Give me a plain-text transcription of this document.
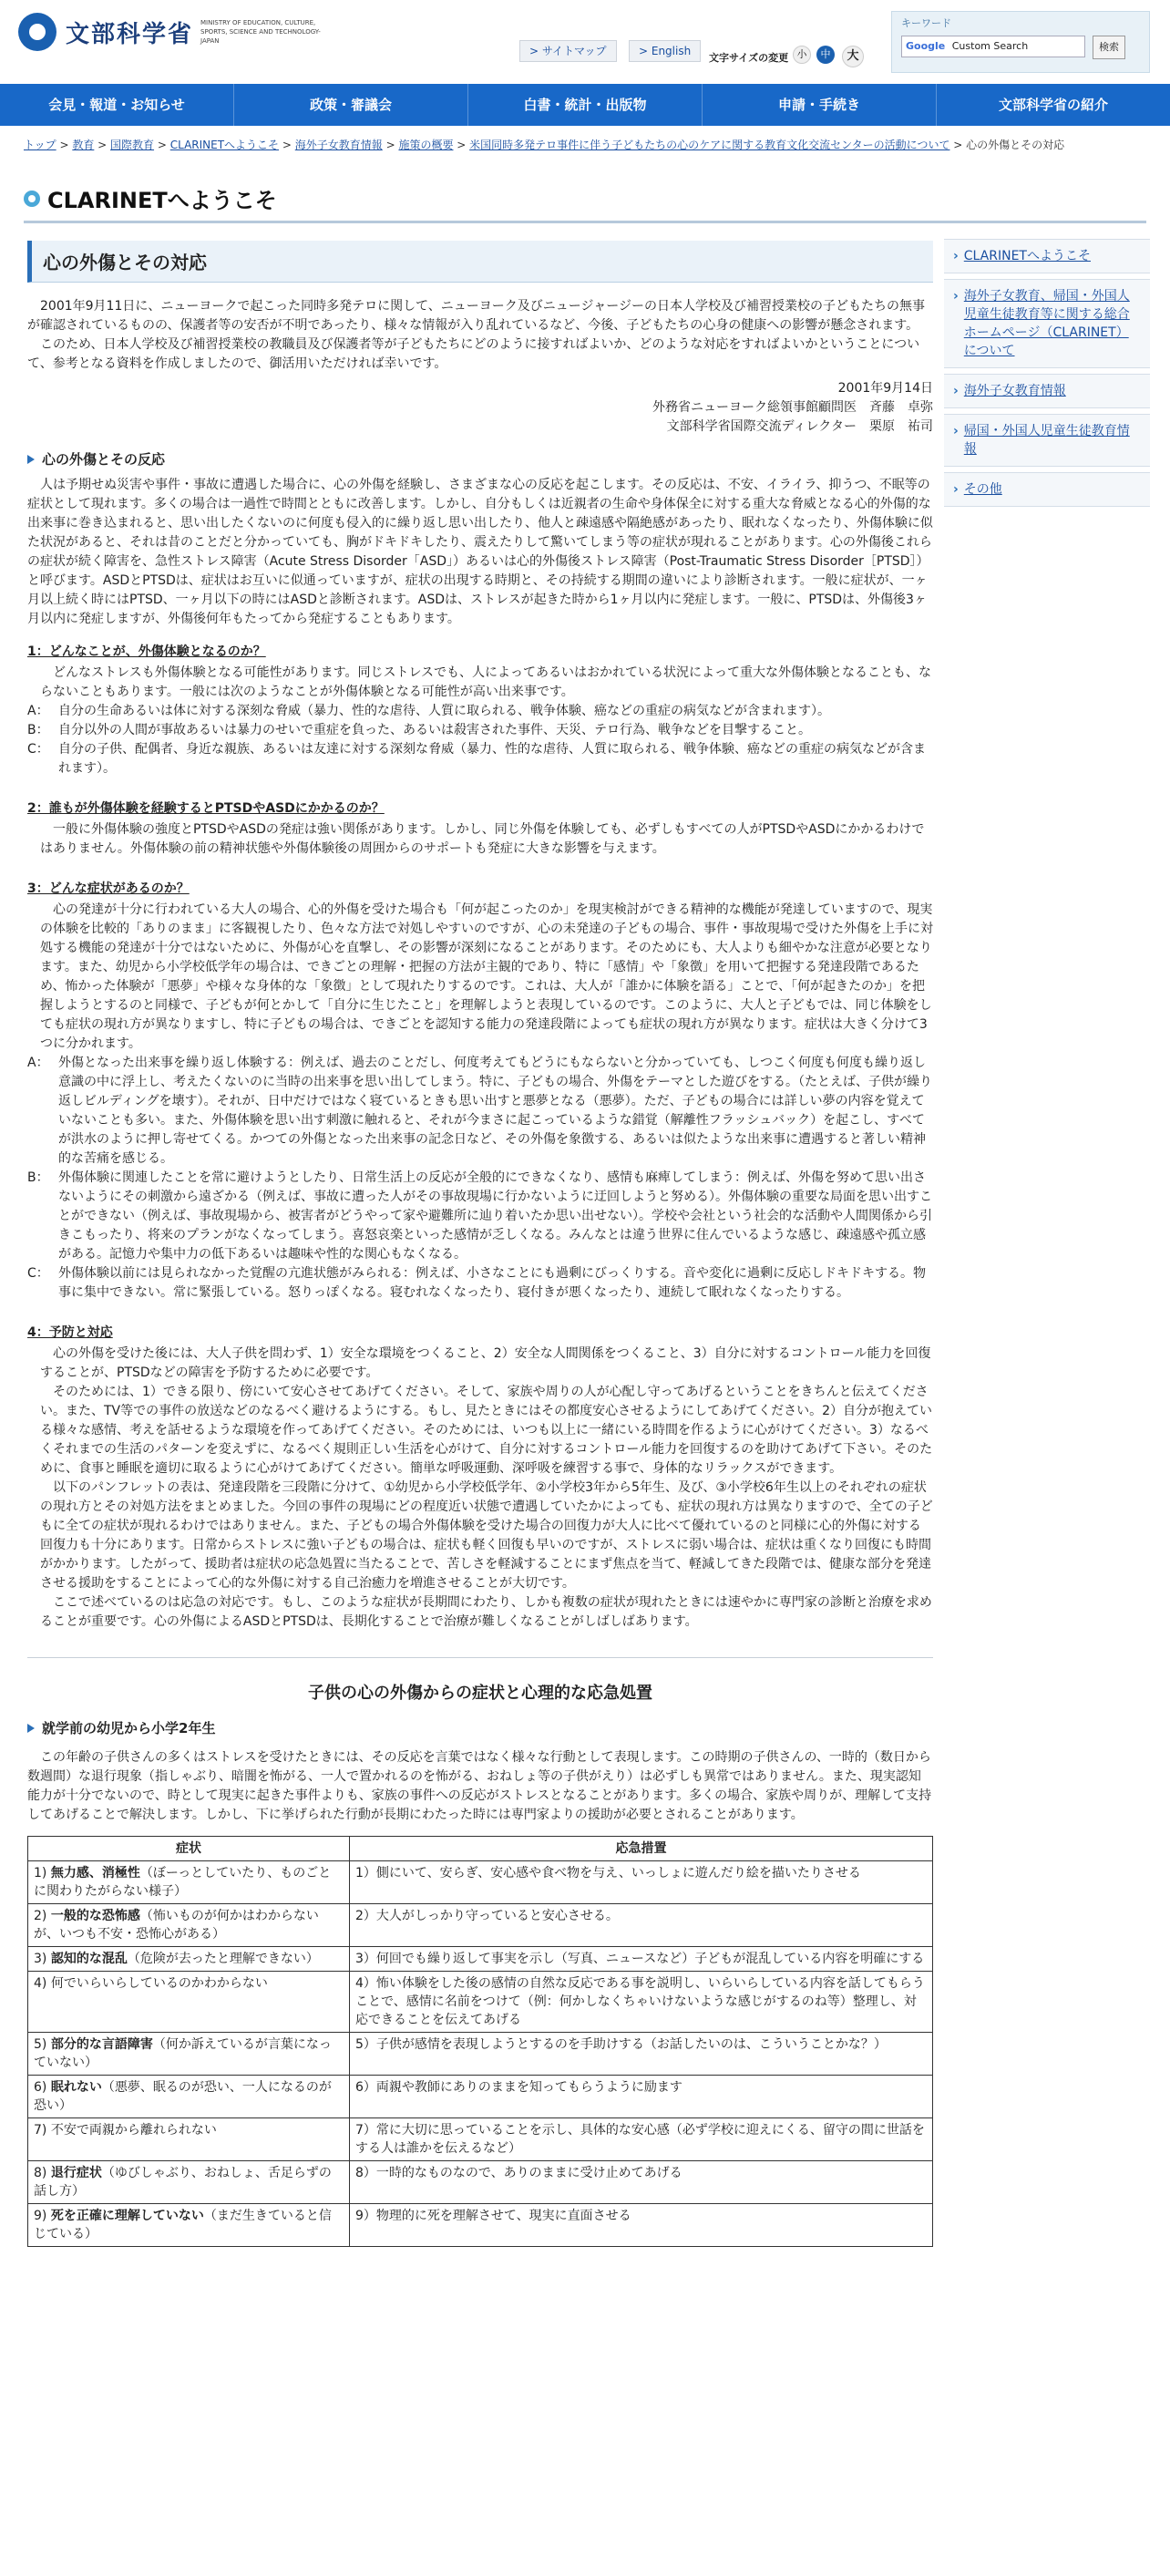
文部科学省 MINISTRY OF EDUCATION, CULTURE, SPORTS, SCIENCE AND TECHNOLOGY-JAPAN
> サイトマップ	> English
文字サイズの変更 小	中	大
キーワード
Google Custom Search	検索
会見・報道・お知らせ	政策・審議会	白書・統計・出版物	申請・手続き	文部科学省の紹介
トップ > 教育 > 国際教育 > CLARINETへようこそ > 海外子女教育情報 > 施策の概要 > 米国同時多発テロ事件に伴う子どもたちの心のケアに関する教育文化交流センターの活動について > 心の外傷とその対応
CLARINETへようこそ
心の外傷とその対応

2001年9月11日に、ニューヨークで起こった同時多発テロに関して、ニューヨーク及びニュージャージーの日本人学校及び補習授業校の子どもたちの無事が確認されているものの、保護者等の安否が不明であったり、様々な情報が入り乱れているなど、今後、子どもたちの心身の健康への影響が懸念されます。

このため、日本人学校及び補習授業校の教職員及び保護者等が子どもたちにどのように接すればよいか、どのような対応をすればよいかということについて、参考となる資料を作成しましたので、御活用いただければ幸いです。

2001年9月14日

外務省ニューヨーク総領事館顧問医　斉藤　卓弥

文部科学省国際交流ディレクター　栗原　祐司

心の外傷とその反応

人は予期せぬ災害や事件・事故に遭遇した場合に、心の外傷を経験し、さまざまな心の反応を起こします。その反応は、不安、イライラ、抑うつ、不眠等の症状として現れます。多くの場合は一過性で時間とともに改善します。しかし、自分もしくは近親者の生命や身体保全に対する重大な脅威となる心的外傷的な出来事に巻き込まれると、思い出したくないのに何度も侵入的に繰り返し思い出したり、他人と疎遠感や隔絶感があったり、眠れなくなったり、外傷体験に似た状況があると、それは昔のことだと分かっていても、胸がドキドキしたり、震えたりして驚いてしまう等の症状が現れることがあります。心の外傷後これらの症状が続く障害を、急性ストレス障害（Acute Stress Disorder「ASD」）あるいは心的外傷後ストレス障害（Post-Traumatic Stress Disorder［PTSD］）と呼びます。ASDとPTSDは、症状はお互いに似通っていますが、症状の出現する時期と、その持続する期間の違いにより診断されます。一般に症状が、一ヶ月以上続く時にはPTSD、一ヶ月以下の時にはASDと診断されます。ASDは、ストレスが起きた時から1ヶ月以内に発症します。一般に、PTSDは、外傷後3ヶ月以内に発症しますが、外傷後何年もたってから発症することもあります。

1：どんなことが、外傷体験となるのか？

どんなストレスも外傷体験となる可能性があります。同じストレスでも、人によってあるいはおかれている状況によって重大な外傷体験となることも、ならないこともあります。一般には次のようなことが外傷体験となる可能性が高い出来事です。

A： 自分の生命あるいは体に対する深刻な脅威（暴力、性的な虐待、人質に取られる、戦争体験、癌などの重症の病気などが含まれます）。
B： 自分以外の人間が事故あるいは暴力のせいで重症を負った、あるいは殺害された事件、天災、テロ行為、戦争などを目撃すること。
C： 自分の子供、配偶者、身近な親族、あるいは友達に対する深刻な脅威（暴力、性的な虐待、人質に取られる、戦争体験、癌などの重症の病気などが含まれます）。
2：誰もが外傷体験を経験するとPTSDやASDにかかるのか？

一般に外傷体験の強度とPTSDやASDの発症は強い関係があります。しかし、同じ外傷を体験しても、必ずしもすべての人がPTSDやASDにかかるわけではありません。外傷体験の前の精神状態や外傷体験後の周囲からのサポートも発症に大きな影響を与えます。

3：どんな症状があるのか？

心の発達が十分に行われている大人の場合、心的外傷を受けた場合も「何が起こったのか」を現実検討ができる精神的な機能が発達していますので、現実の体験を比較的「ありのまま」に客観視したり、色々な方法で対処しやすいのですが、心の未発達の子どもの場合、事件・事故現場で受けた外傷を上手に対処する機能の発達が十分ではないために、外傷が心を直撃し、その影響が深刻になることがあります。そのためにも、大人よりも細やかな注意が必要となります。また、幼児から小学校低学年の場合は、できごとの理解・把握の方法が主観的であり、特に「感情」や「象徴」を用いて把握する発達段階であるため、怖かった体験が「悪夢」や様々な身体的な「象徴」として現れたりするのです。これは、大人が「誰かに体験を語る」ことで、「何が起きたのか」を把握しようとするのと同様で、子どもが何とかして「自分に生じたこと」を理解しようと表現しているのです。このように、大人と子どもでは、同じ体験をしても症状の現れ方が異なりますし、特に子どもの場合は、できごとを認知する能力の発達段階によっても症状の現れ方が異なります。症状は大きく分けて3つに分かれます。

A： 外傷となった出来事を繰り返し体験する：例えば、過去のことだし、何度考えてもどうにもならないと分かっていても、しつこく何度も何度も繰り返し意識の中に浮上し、考えたくないのに当時の出来事を思い出してしまう。特に、子どもの場合、外傷をテーマとした遊びをする。（たとえば、子供が繰り返しビルディングを壊す）。それが、日中だけではなく寝ているときも思い出すと悪夢となる（悪夢）。ただ、子どもの場合には詳しい夢の内容を覚えていないことも多い。また、外傷体験を思い出す刺激に触れると、それが今まさに起こっているような錯覚（解離性フラッシュバック）を起こし、すべてが洪水のように押し寄せてくる。かつての外傷となった出来事の記念日など、その外傷を象徴する、あるいは似たような出来事に遭遇すると著しい精神的な苦痛を感じる。
B： 外傷体験に関連したことを常に避けようとしたり、日常生活上の反応が全般的にできなくなり、感情も麻痺してしまう：例えば、外傷を努めて思い出さないようにその刺激から遠ざかる（例えば、事故に遭った人がその事故現場に行かないように迂回しようと努める）。外傷体験の重要な局面を思い出すことができない（例えば、事故現場から、被害者がどうやって家や避難所に辿り着いたか思い出せない）。学校や会社という社会的な活動や人間関係から引きこもったり、将来のプランがなくなってしまう。喜怒哀楽といった感情が乏しくなる。みんなとは違う世界に住んでいるような感じ、疎遠感や孤立感がある。記憶力や集中力の低下あるいは趣味や性的な関心もなくなる。
C： 外傷体験以前には見られなかった覚醒の亢進状態がみられる：例えば、小さなことにも過剰にびっくりする。音や変化に過剰に反応しドキドキする。物事に集中できない。常に緊張している。怒りっぽくなる。寝むれなくなったり、寝付きが悪くなったり、連続して眠れなくなったりする。
4：予防と対応

心の外傷を受けた後には、大人子供を問わず、1）安全な環境をつくること、2）安全な人間関係をつくること、3）自分に対するコントロール能力を回復することが、PTSDなどの障害を予防するために必要です。

そのためには、1）できる限り、傍にいて安心させてあげてください。そして、家族や周りの人が心配し守ってあげるということをきちんと伝えてください。また、TV等での事件の放送などのなるべく避けるようにする。もし、見たときにはその都度安心させるようにしてあげてください。2）自分が抱えている様々な感情、考えを話せるような環境を作ってあげてください。そのためには、いつも以上に一緒にいる時間を作るように心がけてください。3）なるべくそれまでの生活のパターンを変えずに、なるべく規則正しい生活を心がけて、自分に対するコントロール能力を回復するのを助けてあげて下さい。そのために、食事と睡眠を適切に取るように心がけてあげてください。簡単な呼吸運動、深呼吸を練習する事で、身体的なリラックスができます。

以下のパンフレットの表は、発達段階を三段階に分けて、①幼児から小学校低学年、②小学校3年から5年生、及び、③小学校6年生以上のそれぞれの症状の現れ方とその対処方法をまとめました。今回の事件の現場にどの程度近い状態で遭遇していたかによっても、症状の現れ方は異なりますので、全ての子どもに全ての症状が現れるわけではありません。また、子どもの場合外傷体験を受けた場合の回復力が大人に比べて優れているのと同様に心的外傷に対する回復力も十分にあります。日常からストレスに強い子どもの場合は、症状も軽く回復も早いのですが、ストレスに弱い場合は、症状は重くなり回復にも時間がかかります。したがって、援助者は症状の応急処置に当たることで、苦しさを軽減することにまず焦点を当て、軽減してきた段階では、健康な部分を発達させる援助をすることによって心的な外傷に対する自己治癒力を増進させることが大切です。

ここで述べているのは応急の対応です。もし、このような症状が長期間にわたり、しかも複数の症状が現れたときには速やかに専門家の診断と治療を求めることが重要です。心の外傷によるASDとPTSDは、長期化することで治療が難しくなることがしばしばあります。

子供の心の外傷からの症状と心理的な応急処置
就学前の幼児から小学2年生

この年齢の子供さんの多くはストレスを受けたときには、その反応を言葉ではなく様々な行動として表現します。この時期の子供さんの、一時的（数日から数週間）な退行現象（指しゃぶり、暗闇を怖がる、一人で置かれるのを怖がる、おねしょ等の子供がえり）は必ずしも異常ではありません。また、現実認知能力が十分でないので、時として現実に起きた事件よりも、家族の事件への反応がストレスとなることがあります。多くの場合、家族や周りが、理解して支持してあげることで解決します。しかし、下に挙げられた行動が長期にわたった時には専門家よりの援助が必要とされることがあります。

症状	応急措置
1) 無力感、消極性（ぼーっとしていたり、ものごとに関わりたがらない様子）	1）側にいて、安らぎ、安心感や食べ物を与え、いっしょに遊んだり絵を描いたりさせる
2) 一般的な恐怖感（怖いものが何かはわからないが、いつも不安・恐怖心がある）	2）大人がしっかり守っていると安心させる。
3) 認知的な混乱（危険が去ったと理解できない）	3）何回でも繰り返して事実を示し（写真、ニュースなど）子どもが混乱している内容を明確にする
4) 何でいらいらしているのかわからない	4）怖い体験をした後の感情の自然な反応である事を説明し、いらいらしている内容を話してもらうことで、感情に名前をつけて（例：何かしなくちゃいけないような感じがするのね等）整理し、対応できることを伝えてあげる
5) 部分的な言語障害（何か訴えているが言葉になっていない）	5）子供が感情を表現しようとするのを手助けする（お話したいのは、こういうことかな？）
6) 眠れない（悪夢、眠るのが恐い、一人になるのが恐い）	6）両親や教師にありのままを知ってもらうように励ます
7) 不安で両親から離れられない	7）常に大切に思っていることを示し、具体的な安心感（必ず学校に迎えにくる、留守の間に世話をする人は誰かを伝えるなど）
8) 退行症状（ゆびしゃぶり、おねしょ、舌足らずの話し方）	8）一時的なものなので、ありのままに受け止めてあげる
9) 死を正確に理解していない（まだ生きていると信じている）	9）物理的に死を理解させて、現実に直面させる
› CLARINETへようこそ
› 海外子女教育、帰国・外国人児童生徒教育等に関する総合ホームページ（CLARINET）について
› 海外子女教育情報
› 帰国・外国人児童生徒教育情報
› その他
